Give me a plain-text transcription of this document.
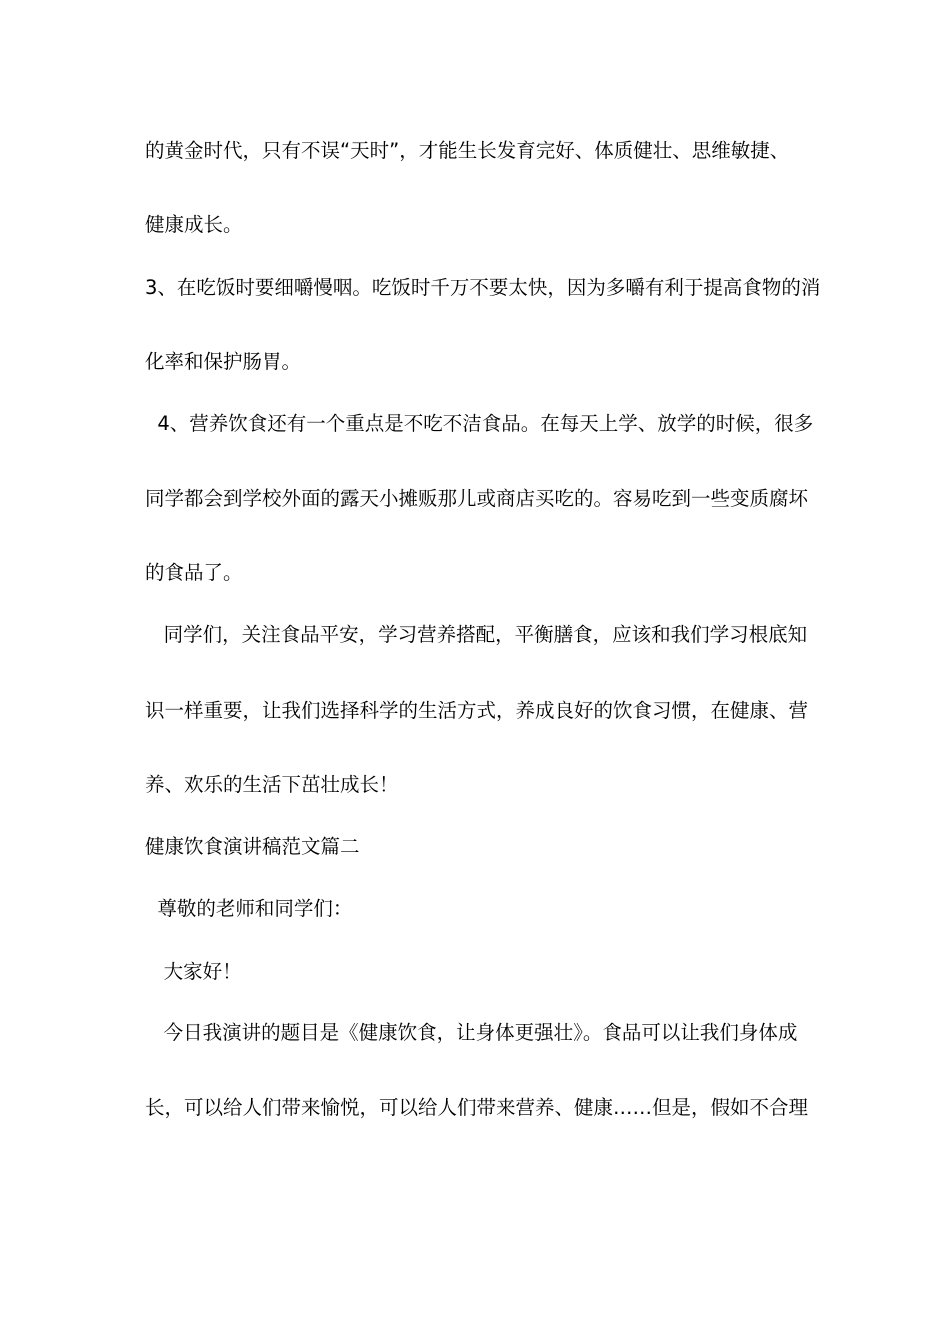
的黄金时代，只有不误“天时”，才能生长发育完好、体质健壮、思维敏捷、
健康成长。
3、在吃饭时要细嚼慢咽。吃饭时千万不要太快，因为多嚼有利于提高食物的消
化率和保护肠胃。
4、营养饮食还有一个重点是不吃不洁食品。在每天上学、放学的时候，很多
同学都会到学校外面的露天小摊贩那儿或商店买吃的。容易吃到一些变质腐坏
的食品了。
同学们，关注食品平安，学习营养搭配，平衡膳食，应该和我们学习根底知
识一样重要，让我们选择科学的生活方式，养成良好的饮食习惯，在健康、营
养、欢乐的生活下茁壮成长！
健康饮食演讲稿范文篇二
尊敬的老师和同学们：
大家好！
今日我演讲的题目是《健康饮食，让身体更强壮》。食品可以让我们身体成
长，可以给人们带来愉悦，可以给人们带来营养、健康……但是，假如不合理
